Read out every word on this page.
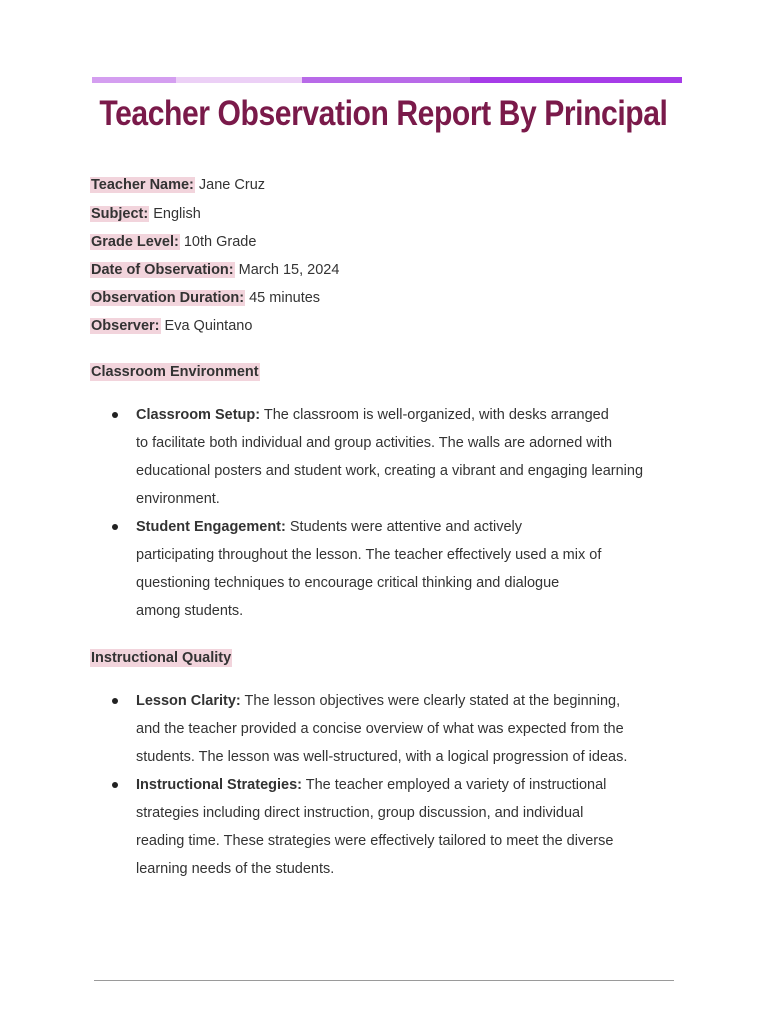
Teacher Observation Report By Principal

Teacher Name: Jane Cruz

Subject: English

Grade Level: 10th Grade

Date of Observation: March 15, 2024

Observation Duration: 45 minutes

Observer: Eva Quintano

Classroom Environment

Classroom Setup: The classroom is well-organized, with desks arranged
to facilitate both individual and group activities. The walls are adorned with
educational posters and student work, creating a vibrant and engaging learning
environment.
Student Engagement: Students were attentive and actively
participating throughout the lesson. The teacher effectively used a mix of
questioning techniques to encourage critical thinking and dialogue
among students.

Instructional Quality

Lesson Clarity: The lesson objectives were clearly stated at the beginning,
and the teacher provided a concise overview of what was expected from the
students. The lesson was well-structured, with a logical progression of ideas.
Instructional Strategies: The teacher employed a variety of instructional
strategies including direct instruction, group discussion, and individual
reading time. These strategies were effectively tailored to meet the diverse
learning needs of the students.
